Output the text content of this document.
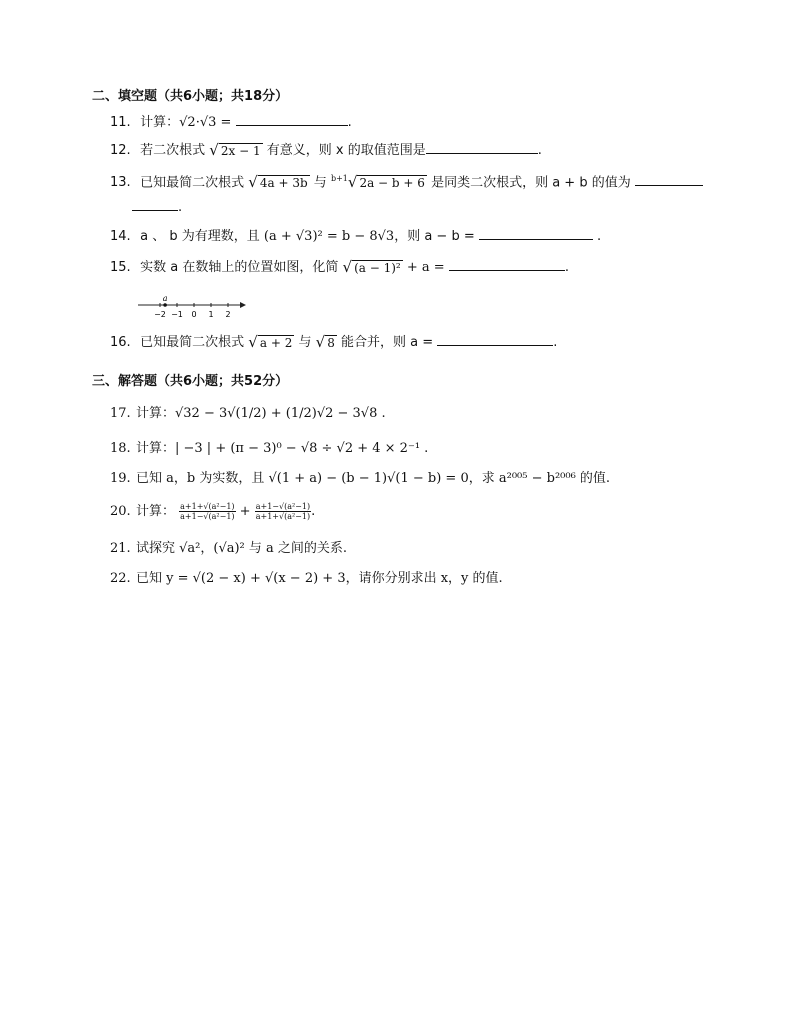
二、填空题（共6小题；共18分）
11. 计算：√2·√3 =	.
12. 若二次根式 √ 2x − 1 有意义，则 x 的取值范围是	.
13. 已知最简二次根式 √ 4a + 3b 与 $^{b+1}$ √ 2a − b + 6 是同类二次根式，则 a + b 的值为
.
14. a 、 b 为有理数，且 (a + √3)² = b − 8√3，则 a − b =	.
15. 实数 a 在数轴上的位置如图，化简 √ (a − 1)² + a =	.
−2 −1 0 1 2
a
16. 已知最简二次根式 √ a + 2 与 √ 8 能合并，则 a =	.
三、解答题（共6小题；共52分）
17. 计算：√32 − 3√(1/2) + (1/2)√2 − 3√8 .
18. 计算：| −3 | + (π − 3)⁰ − √8 ÷ √2 + 4 × 2⁻¹ .
19. 已知 a，b 为实数，且 √(1 + a) − (b − 1)√(1 − b) = 0，求 a²⁰⁰⁵ − b²⁰⁰⁶ 的值.
20. 计算： $\frac{\text{a+1+√(a²−1)}}{\text{a+1−√(a²−1)}} + \frac{\text{a+1−√(a²−1)}}{\text{a+1+√(a²−1)}}$ .
21. 试探究 √a²，(√a)² 与 a 之间的关系.
22. 已知 y = √(2 − x) + √(x − 2) + 3，请你分别求出 x，y 的值.
